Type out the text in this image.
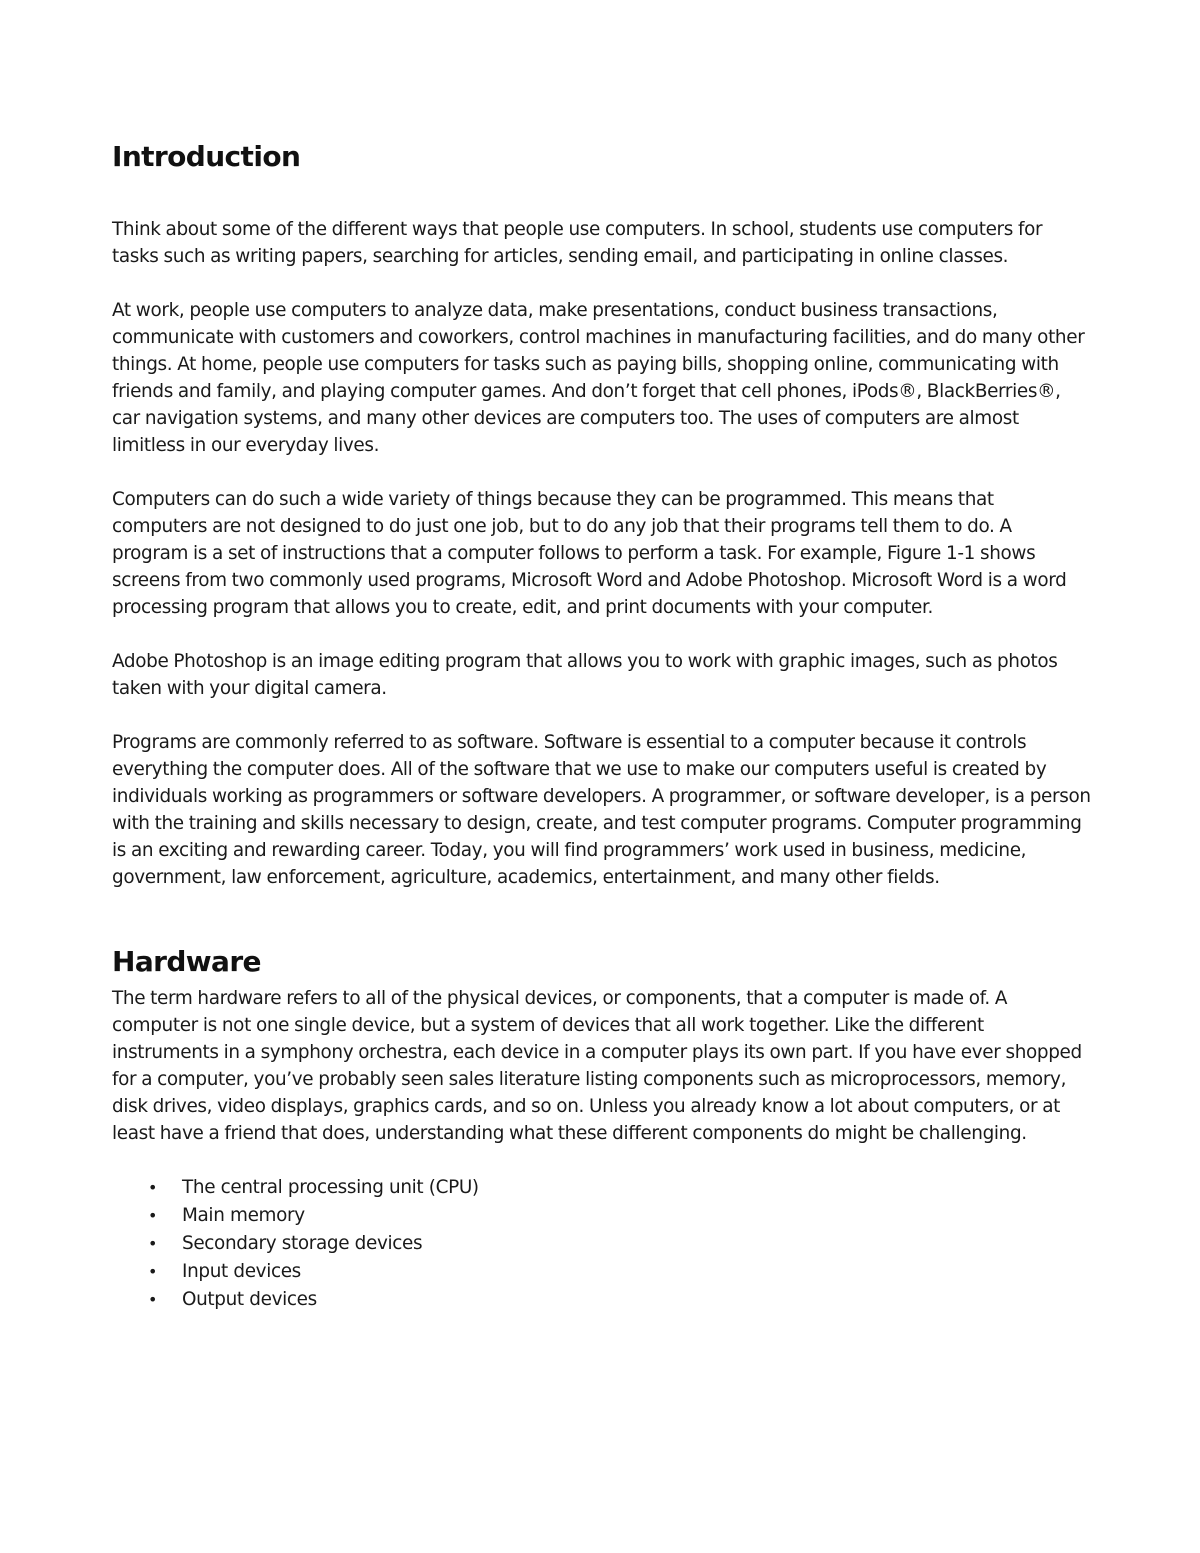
Introduction

Think about some of the different ways that people use computers. In school, students use computers for tasks such as writing papers, searching for articles, sending email, and participating in online classes.

At work, people use computers to analyze data, make presentations, conduct business transactions, communicate with customers and coworkers, control machines in manufacturing facilities, and do many other things. At home, people use computers for tasks such as paying bills, shopping online, communicating with friends and family, and playing computer games. And don’t forget that cell phones, iPods®, BlackBerries®, car navigation systems, and many other devices are computers too. The uses of computers are almost limitless in our everyday lives.

Computers can do such a wide variety of things because they can be programmed. This means that computers are not designed to do just one job, but to do any job that their programs tell them to do. A program is a set of instructions that a computer follows to perform a task. For example, Figure 1-1 shows screens from two commonly used programs, Microsoft Word and Adobe Photoshop. Microsoft Word is a word processing program that allows you to create, edit, and print documents with your computer.

Adobe Photoshop is an image editing program that allows you to work with graphic images, such as photos taken with your digital camera.

Programs are commonly referred to as software. Software is essential to a computer because it controls everything the computer does. All of the software that we use to make our computers useful is created by individuals working as programmers or software developers. A programmer, or software developer, is a person with the training and skills necessary to design, create, and test computer programs. Computer programming is an exciting and rewarding career. Today, you will find programmers’ work used in business, medicine, government, law enforcement, agriculture, academics, entertainment, and many other fields.

Hardware

The term hardware refers to all of the physical devices, or components, that a computer is made of. A computer is not one single device, but a system of devices that all work together. Like the different instruments in a symphony orchestra, each device in a computer plays its own part. If you have ever shopped for a computer, you’ve probably seen sales literature listing components such as microprocessors, memory, disk drives, video displays, graphics cards, and so on. Unless you already know a lot about computers, or at least have a friend that does, understanding what these different components do might be challenging.

• The central processing unit (CPU)
• Main memory
• Secondary storage devices
• Input devices
• Output devices
